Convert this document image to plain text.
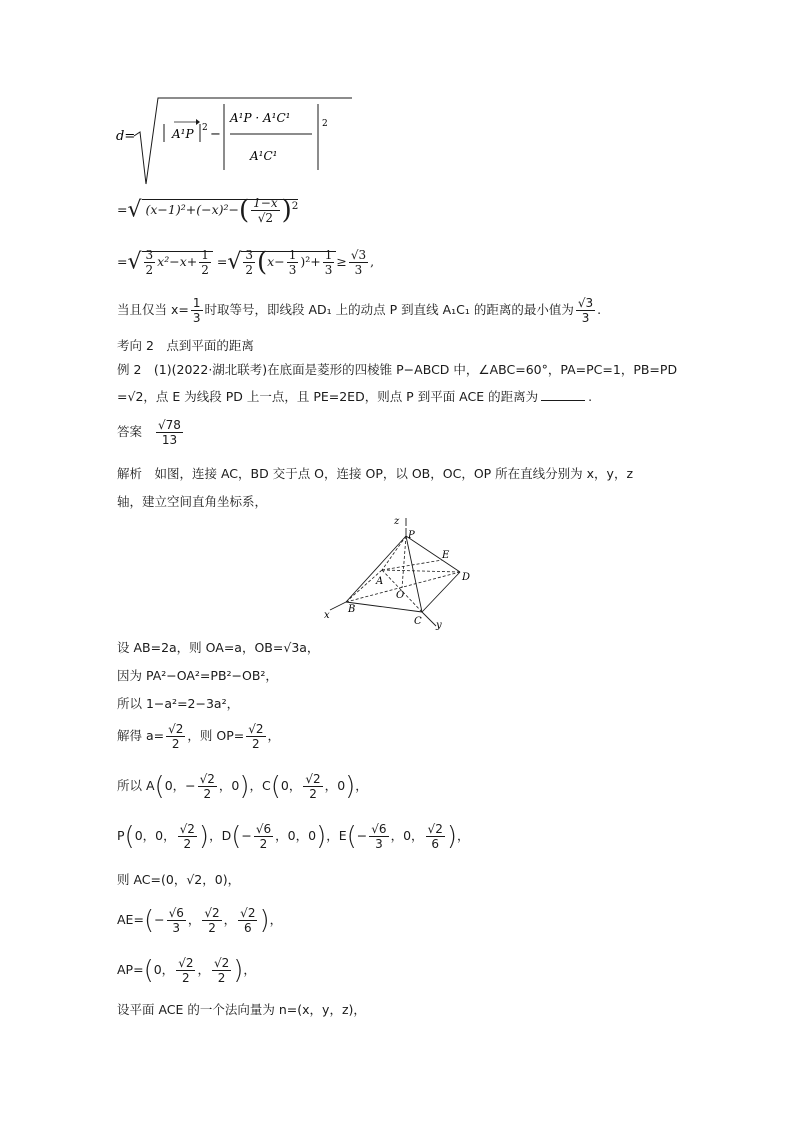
d=	A¹P 2 −
A¹P · A¹C¹
A¹C¹
2
=√ $(x-1)^2+(-x)^2-( \frac{1-x}{√2} )^2$
=√ $\frac{3}{2} x^2-x+ \frac{1}{2}$ =√ $\frac{3}{2} (x- \frac{1}{3} )^2+ \frac{1}{3} \ge \frac{√3}{3}$ ,
当且仅当 $x= \frac{1}{3}$ 时取等号，即线段 AD₁ 上的动点 P 到直线 A₁C₁ 的距离的最小值为 $\frac{√3}{3}$ .
考向 2　点到平面的距离
例 2　(1)(2022·湖北联考)在底面是菱形的四棱锥 P−ABCD 中，∠ABC=60°，PA=PC=1，PB=PD
=√2，点 E 为线段 PD 上一点，且 PE=2ED，则点 P 到平面 ACE 的距离为	.
答案 $\frac{√78}{13}$
解析　如图，连接 AC，BD 交于点 O，连接 OP，以 OB，OC，OP 所在直线分别为 x，y，z
轴，建立空间直角坐标系，
z
P
E
A	D
O
x
B
C y
设 AB=2a，则 OA=a，OB=√3a，
因为 PA²−OA²=PB²−OB²，
所以 1−a²=2−3a²，
解得 $a= \frac{√2}{2}$ ，则 $OP= \frac{√2}{2}$ ，
所以 A(0，− $\frac{√2}{2}$ ，0)，C(0， $\frac{√2}{2}$ ，0)，
P(0，0， $\frac{√2}{2}$ )，$D(- \frac{√6}{2}$ ，0，0)，$E(- \frac{√6}{3}$ ，0， $\frac{√2}{6}$ )，
则 AC=(0，√2，0)，
$AE=(- \frac{√6}{3}$ ， $\frac{√2}{2}$ ， $\frac{√2}{6}$ )，
AP=(0， $\frac{√2}{2}$ ， $\frac{√2}{2}$ )，
设平面 ACE 的一个法向量为 n=(x，y，z)，
